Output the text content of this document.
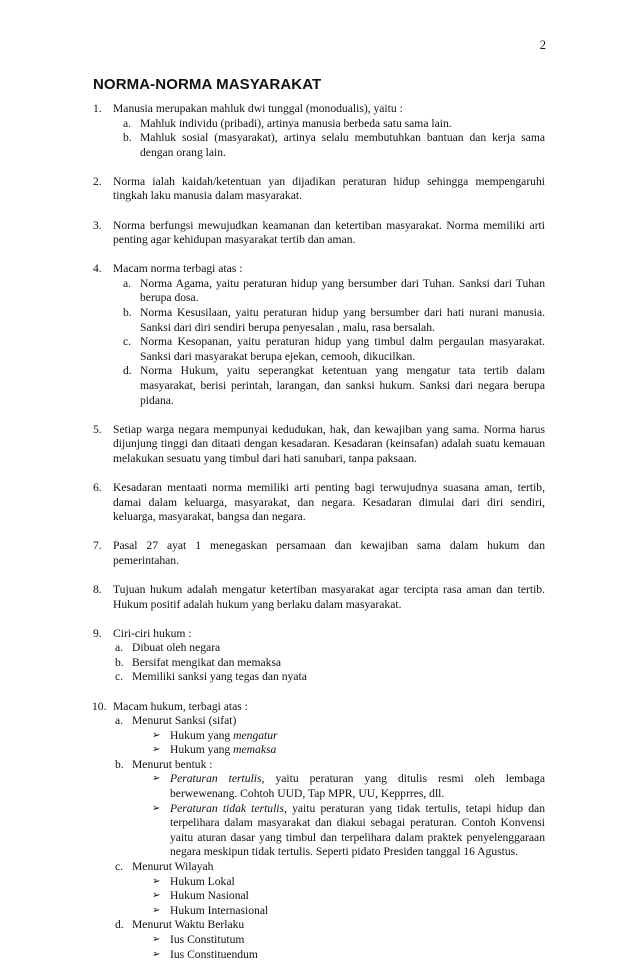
2
NORMA-NORMA MASYARAKAT
1. Manusia merupakan mahluk dwi tunggal (monodualis), yaitu :
a. Mahluk individu (pribadi), artinya manusia berbeda satu sama lain.
b. Mahluk sosial (masyarakat), artinya selalu membutuhkan bantuan dan kerja sama dengan orang lain.
2. Norma ialah kaidah/ketentuan yan dijadikan peraturan hidup sehingga mempengaruhi tingkah laku manusia dalam masyarakat.
3. Norma berfungsi mewujudkan keamanan dan ketertiban masyarakat. Norma memiliki arti penting agar kehidupan masyarakat tertib dan aman.
4. Macam norma terbagi atas :
a. Norma Agama, yaitu peraturan hidup yang bersumber dari Tuhan. Sanksi dari Tuhan berupa dosa.
b. Norma Kesusilaan, yaitu peraturan hidup yang bersumber dari hati nurani manusia. Sanksi dari diri sendiri berupa penyesalan , malu, rasa bersalah.
c. Norma Kesopanan, yaitu peraturan hidup yang timbul dalm pergaulan masyarakat. Sanksi dari masyarakat berupa ejekan, cemooh, dikucilkan.
d. Norma Hukum, yaitu seperangkat ketentuan yang mengatur tata tertib dalam masyarakat, berisi perintah, larangan, dan sanksi hukum. Sanksi dari negara berupa pidana.
5. Setiap warga negara mempunyai kedudukan, hak, dan kewajiban yang sama. Norma harus dijunjung tinggi dan ditaati dengan kesadaran. Kesadaran (keinsafan) adalah suatu kemauan melakukan sesuatu yang timbul dari hati sanubari, tanpa paksaan.
6. Kesadaran mentaati norma memiliki arti penting bagi terwujudnya suasana aman, tertib, damai dalam keluarga, masyarakat, dan negara. Kesadaran dimulai dari diri sendiri, keluarga, masyarakat, bangsa dan negara.
7. Pasal 27 ayat 1 menegaskan persamaan dan kewajiban sama dalam hukum dan pemerintahan.
8. Tujuan hukum adalah mengatur ketertiban masyarakat agar tercipta rasa aman dan tertib. Hukum positif adalah hukum yang berlaku dalam masyarakat.
9. Ciri-ciri hukum :
a. Dibuat oleh negara
b. Bersifat mengikat dan memaksa
c. Memiliki sanksi yang tegas dan nyata
10. Macam hukum, terbagi atas :
a. Menurut Sanksi (sifat)
➢ Hukum yang mengatur
➢ Hukum yang memaksa
b. Menurut bentuk :
➢ Peraturan tertulis, yaitu peraturan yang ditulis resmi oleh lembaga berwewenang. Cohtoh UUD, Tap MPR, UU, Kepprres, dll.
➢ Peraturan tidak tertulis, yaitu peraturan yang tidak tertulis, tetapi hidup dan terpelihara dalam masyarakat dan diakui sebagai peraturan. Contoh Konvensi yaitu aturan dasar yang timbul dan terpelihara dalam praktek penyelenggaraan negara meskipun tidak tertulis. Seperti pidato Presiden tanggal 16 Agustus.
c. Menurut Wilayah
➢ Hukum Lokal
➢ Hukum Nasional
➢ Hukum Internasional
d. Menurut Waktu Berlaku
➢ Ius Constitutum
➢ Ius Constituendum
